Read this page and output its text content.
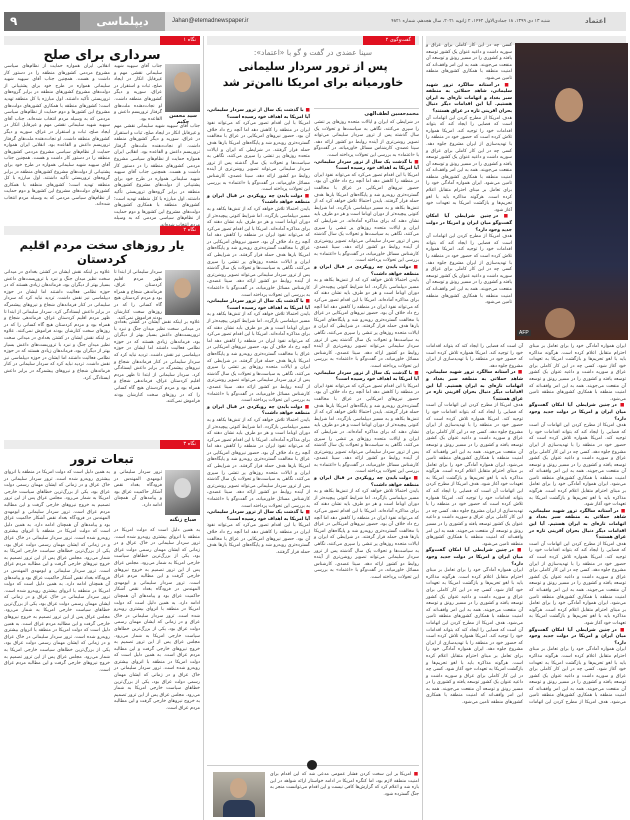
۹	دیپلماسی	Jahan@etemadnewspaper.ir	شنبه ۱۳ دی ۱۳۹۹، ۱۸ جمادی‌الاول ۱۴۴۲، ۲ ژانویه ۲۰۲۱، سال هجدهم، شماره ۴۸۲۱	اعتماد
نگاه ۱
سرداری برای صلح
سید محسن حکیم
جناب آقای سپهبد شهید سلیمانی نقشی مهم و غیرقابل انکار در ایجاد صلح، ثبات و استقرار در عراق، سوریه و دیگر کشورهای منطقه داشت. او نجات‌دهنده ملت‌های گرفتار تروریسم داعش و القاعده بود.
انقلابی ایران همواره حمایت از نظام‌های سیاسی مشروع مردمی کشورهای منطقه را در دستور کار داشت و هست. همچنین جناب آقای سپهبد شهید سلیمانی همواره در طرح خود برای پشتیبانی از دولت‌های مشروع کشورهای منطقه در برابر گروه‌های تروریستی تأکید داشتند. اول مبارزه با کل منطقه تهدید است؛ کشورهای منطقه با همکاری کشورهای دولت‌های مشروع این کشورها و دوم حمایت از نظام‌های سیاسی مردمی که به وسیله مردم انتخاب شده‌اند. جناب آقای سپهبد شهید سلیمانی نقشی مهم و غیرقابل انکار در ایجاد صلح، ثبات و استقرار در عراق، سوریه و دیگر کشورهای منطقه داشت. او نجات‌دهنده ملت‌های گرفتار تروریسم داعش و القاعده بود. انقلابی ایران همواره حمایت از نظام‌های سیاسی مشروع مردمی کشورهای منطقه را در دستور کار داشت و هست. همچنین جناب آقای سپهبد شهید سلیمانی همواره در طرح خود برای پشتیبانی از دولت‌های مشروع کشورهای منطقه در برابر گروه‌های تروریستی تأکید داشتند. اول مبارزه با کل منطقه تهدید است؛ کشورهای منطقه با همکاری کشورهای دولت‌های مشروع این کشورها و دوم حمایت از نظام‌های سیاسی مردمی که به وسیله مردم انتخاب شده‌اند.
جناب آقای سپهبد شهید سلیمانی نقشی مهم و غیرقابل انکار در ایجاد صلح، ثبات و استقرار در عراق، سوریه و دیگر کشورهای منطقه داشت. او نجات‌دهنده ملت‌های گرفتار تروریسم داعش و القاعده بود. انقلابی ایران همواره حمایت از نظام‌های سیاسی مشروع مردمی کشورهای منطقه را در دستور کار داشت و هست. همچنین جناب آقای سپهبد شهید سلیمانی همواره در طرح خود برای پشتیبانی از دولت‌های مشروع کشورهای منطقه در برابر گروه‌های تروریستی تأکید داشتند. اول مبارزه با کل منطقه تهدید است؛ کشورهای منطقه با همکاری کشورهای دولت‌های مشروع این کشورها و دوم حمایت از نظام‌های سیاسی مردمی که به وسیله
نگاه ۲
یار روزهای سخت مردم اقلیم کردستان
سردار سلیمانی از ابتدا تا ظهر مردم اقلیم کردستان عراق، فرماندهی شجاع و همراه بود و مردم کردستان هیچ گاه کسانی را که در روزهای سخت کنارشان بودند فراموش نمی‌کنند.
علاوه بر اینکه نقش ایشان در کشتن بغدادی در میدانی سخت نظیر میدان جنگ و نبرد با تروریست‌های داعش بسیار بهتر از دیگران بود، فرماندهان زیادی هستند که در حوزه نظامی فعالیت داشتند اما ایشان در حوزه دیپلماسی نیز نقش داشت. تردید نباید کرد که سردار سلیمانی در کنار فرماندهان شجاع و نیروهای پیشمرگه در برابر داعش ایستادگی کرد. سردار سلیمانی از ابتدا تا ظهر مردم اقلیم کردستان عراق، فرماندهی شجاع و همراه بود و مردم کردستان هیچ گاه کسانی را که در روزهای سخت کنارشان بودند فراموش نمی‌کنند. علاوه بر اینکه نقش ایشان در کشتن بغدادی در میدانی سخت نظیر میدان جنگ و نبرد با تروریست‌های داعش بسیار بهتر از دیگران بود، فرماندهان زیادی هستند که در حوزه نظامی فعالیت داشتند اما ایشان در حوزه دیپلماسی نیز نقش داشت. تردید نباید کرد که سردار سلیمانی در کنار فرماندهان شجاع و نیروهای پیشمرگه در برابر داعش ایستادگی کرد.
علاوه بر اینکه نقش ایشان در کشتن بغدادی در میدانی سخت نظیر میدان جنگ و نبرد با تروریست‌های داعش بسیار بهتر از دیگران بود، فرماندهان زیادی هستند که در حوزه نظامی فعالیت داشتند اما ایشان در حوزه دیپلماسی نیز نقش داشت. تردید نباید کرد که سردار سلیمانی در کنار فرماندهان شجاع و نیروهای پیشمرگه در برابر داعش ایستادگی کرد. سردار سلیمانی از ابتدا تا ظهر مردم اقلیم کردستان عراق، فرماندهی شجاع و همراه بود و مردم کردستان هیچ گاه کسانی را که در روزهای سخت کنارشان بودند فراموش نمی‌کنند.
نگاه ۳
تبعات ترور
صباح زنگنه
ترور سردار سلیمانی و ابومهدی المهندس در فرودگاه بغداد نقض آشکار حاکمیت عراق بود و پیامدهای آن همچنان ادامه دارد.
به همین دلیل است که دولت امریکا در منطقه با انزوای بیشتری روبه‌رو شده است. ترور سردار سلیمانی در خاک عراق و در زمانی که ایشان مهمان رسمی دولت عراق بود، یکی از بزرگ‌ترین خطاهای سیاست خارجی امریکا به شمار می‌رود. مجلس عراق پس از این ترور تصمیم به خروج نیروهای خارجی گرفت و این مطالبه مردم عراق است. ترور سردار سلیمانی و ابومهدی المهندس در فرودگاه بغداد نقض آشکار حاکمیت عراق بود و پیامدهای آن همچنان ادامه دارد. به همین دلیل است که دولت امریکا در منطقه با انزوای بیشتری روبه‌رو شده است. ترور سردار سلیمانی در خاک عراق و در زمانی که ایشان مهمان رسمی دولت عراق بود، یکی از بزرگ‌ترین خطاهای سیاست خارجی امریکا به شمار می‌رود. مجلس عراق پس از این ترور تصمیم به خروج نیروهای خارجی گرفت و این مطالبه مردم عراق است. ترور سردار سلیمانی و ابومهدی المهندس در فرودگاه بغداد نقض آشکار حاکمیت عراق بود و پیامدهای آن همچنان ادامه دارد. به همین دلیل است که دولت امریکا در منطقه با انزوای بیشتری روبه‌رو شده است. ترور سردار سلیمانی در خاک عراق و در زمانی که ایشان مهمان رسمی دولت عراق بود، یکی از بزرگ‌ترین خطاهای سیاست خارجی امریکا به شمار می‌رود. مجلس عراق پس از این ترور تصمیم به خروج نیروهای خارجی گرفت و این مطالبه مردم عراق است. به همین دلیل است که دولت امریکا در منطقه با انزوای بیشتری روبه‌رو شده است. ترور سردار سلیمانی در خاک عراق و در زمانی که ایشان مهمان رسمی دولت عراق بود، یکی از بزرگ‌ترین خطاهای سیاست خارجی امریکا به شمار می‌رود. مجلس عراق پس از این ترور تصمیم به خروج نیروهای خارجی گرفت و این مطالبه مردم عراق است.
به همین دلیل است که دولت امریکا در منطقه با انزوای بیشتری روبه‌رو شده است. ترور سردار سلیمانی در خاک عراق و در زمانی که ایشان مهمان رسمی دولت عراق بود، یکی از بزرگ‌ترین خطاهای سیاست خارجی امریکا به شمار می‌رود. مجلس عراق پس از این ترور تصمیم به خروج نیروهای خارجی گرفت و این مطالبه مردم عراق است. ترور سردار سلیمانی و ابومهدی المهندس در فرودگاه بغداد نقض آشکار حاکمیت عراق بود و پیامدهای آن همچنان ادامه دارد. به همین دلیل است که دولت امریکا در منطقه با انزوای بیشتری روبه‌رو شده است. ترور سردار سلیمانی در خاک عراق و در زمانی که ایشان مهمان رسمی دولت عراق بود، یکی از بزرگ‌ترین خطاهای سیاست خارجی امریکا به شمار می‌رود. مجلس عراق پس از این ترور تصمیم به خروج نیروهای خارجی گرفت و این مطالبه مردم عراق است. به همین دلیل است که دولت امریکا در منطقه با انزوای بیشتری روبه‌رو شده است. ترور سردار سلیمانی در خاک عراق و در زمانی که ایشان مهمان رسمی دولت عراق بود، یکی از بزرگ‌ترین خطاهای سیاست خارجی امریکا به شمار می‌رود. مجلس عراق پس از این ترور تصمیم به خروج نیروهای خارجی گرفت و این مطالبه مردم عراق است.
گفت‌وگوی ۲
سینا عضدی در گفت و گو با «اعتماد»:
پس از ترور سردار سلیمانی
خاورمیانه برای امریکا ناامن‌تر شد
محمدحسین لطف‌الهی
در شرایطی که ایران و ایالات متحده روزهای پر تنشی را سپری می‌کنند، نگاهی به سیاست‌ها و تحولات یک سال گذشته پس از ترور سردار سلیمانی می‌تواند تصویر روشن‌تری از آینده روابط دو کشور ارائه دهد. سینا عضدی، کارشناس مسائل خاورمیانه، در گفت‌وگو با «اعتماد» به بررسی این تحولات پرداخته است.
■ با گذشت یک سال از ترور سردار سلیمانی، آیا امریکا به اهداف خود رسیده است؟
امریکا با این اقدام تصور می‌کرد که می‌تواند نفوذ ایران در منطقه را کاهش دهد اما آنچه رخ داد خلاف آن بود. حضور نیروهای امریکایی در عراق با مخالفت گسترده‌تری روبه‌رو شد و پایگاه‌های امریکا بارها هدف حمله قرار گرفتند. بایدن احتمالا تلاش خواهد کرد که از تنش‌ها بکاهد و به مسیر دیپلماسی بازگردد. اما شرایط کنونی پیچیده‌تر از دوران اوباما است و هر دو طرف باید نشان دهند که برای مذاکره آماده‌اند. در شرایطی که ایران و ایالات متحده روزهای پر تنشی را سپری می‌کنند، نگاهی به سیاست‌ها و تحولات یک سال گذشته پس از ترور سردار سلیمانی می‌تواند تصویر روشن‌تری از آینده روابط دو کشور ارائه دهد. سینا عضدی، کارشناس مسائل خاورمیانه، در گفت‌وگو با «اعتماد» به بررسی این تحولات پرداخته است.
■ دولت بایدن چه رویکردی در قبال ایران و منطقه خواهد داشت؟
بایدن احتمالا تلاش خواهد کرد که از تنش‌ها بکاهد و به مسیر دیپلماسی بازگردد. اما شرایط کنونی پیچیده‌تر از دوران اوباما است و هر دو طرف باید نشان دهند که برای مذاکره آماده‌اند. امریکا با این اقدام تصور می‌کرد که می‌تواند نفوذ ایران در منطقه را کاهش دهد اما آنچه رخ داد خلاف آن بود. حضور نیروهای امریکایی در عراق با مخالفت گسترده‌تری روبه‌رو شد و پایگاه‌های امریکا بارها هدف حمله قرار گرفتند. در شرایطی که ایران و ایالات متحده روزهای پر تنشی را سپری می‌کنند، نگاهی به سیاست‌ها و تحولات یک سال گذشته پس از ترور سردار سلیمانی می‌تواند تصویر روشن‌تری از آینده روابط دو کشور ارائه دهد. سینا عضدی، کارشناس مسائل خاورمیانه، در گفت‌وگو با «اعتماد» به بررسی این تحولات پرداخته است.
■ با گذشت یک سال از ترور سردار سلیمانی، آیا امریکا به اهداف خود رسیده است؟
امریکا با این اقدام تصور می‌کرد که می‌تواند نفوذ ایران در منطقه را کاهش دهد اما آنچه رخ داد خلاف آن بود. حضور نیروهای امریکایی در عراق با مخالفت گسترده‌تری روبه‌رو شد و پایگاه‌های امریکا بارها هدف حمله قرار گرفتند. بایدن احتمالا تلاش خواهد کرد که از تنش‌ها بکاهد و به مسیر دیپلماسی بازگردد. اما شرایط کنونی پیچیده‌تر از دوران اوباما است و هر دو طرف باید نشان دهند که برای مذاکره آماده‌اند. در شرایطی که ایران و ایالات متحده روزهای پر تنشی را سپری می‌کنند، نگاهی به سیاست‌ها و تحولات یک سال گذشته پس از ترور سردار سلیمانی می‌تواند تصویر روشن‌تری از آینده روابط دو کشور ارائه دهد. سینا عضدی، کارشناس مسائل خاورمیانه، در گفت‌وگو با «اعتماد» به بررسی این تحولات پرداخته است.
■ دولت بایدن چه رویکردی در قبال ایران و منطقه خواهد داشت؟
بایدن احتمالا تلاش خواهد کرد که از تنش‌ها بکاهد و به مسیر دیپلماسی بازگردد. اما شرایط کنونی پیچیده‌تر از دوران اوباما است و هر دو طرف باید نشان دهند که برای مذاکره آماده‌اند. امریکا با این اقدام تصور می‌کرد که می‌تواند نفوذ ایران در منطقه را کاهش دهد اما آنچه رخ داد خلاف آن بود. حضور نیروهای امریکایی در عراق با مخالفت گسترده‌تری روبه‌رو شد و پایگاه‌های امریکا بارها هدف حمله قرار گرفتند. در شرایطی که ایران و ایالات متحده روزهای پر تنشی را سپری می‌کنند، نگاهی به سیاست‌ها و تحولات یک سال گذشته پس از ترور سردار سلیمانی می‌تواند تصویر روشن‌تری از آینده روابط دو کشور ارائه دهد. سینا عضدی، کارشناس مسائل خاورمیانه، در گفت‌وگو با «اعتماد» به بررسی این تحولات پرداخته است.
■ با گذشت یک سال از ترور سردار سلیمانی، آیا امریکا به اهداف خود رسیده است؟
امریکا با این اقدام تصور می‌کرد که می‌تواند نفوذ ایران در منطقه را کاهش دهد اما آنچه رخ داد خلاف آن بود. حضور نیروهای امریکایی در عراق با مخالفت گسترده‌تری روبه‌رو شد و پایگاه‌های امریکا بارها هدف حمله قرار گرفتند. در شرایطی که ایران و ایالات متحده روزهای پر تنشی را سپری می‌کنند، نگاهی به سیاست‌ها و تحولات یک سال گذشته پس از ترور سردار سلیمانی می‌تواند تصویر روشن‌تری از آینده روابط دو کشور ارائه دهد. سینا عضدی، کارشناس مسائل خاورمیانه، در گفت‌وگو با «اعتماد» به بررسی این تحولات پرداخته است.
■ دولت بایدن چه رویکردی در قبال ایران و منطقه خواهد داشت؟
بایدن احتمالا تلاش خواهد کرد که از تنش‌ها بکاهد و به مسیر دیپلماسی بازگردد. اما شرایط کنونی پیچیده‌تر از دوران اوباما است و هر دو طرف باید نشان دهند که برای مذاکره آماده‌اند. امریکا با این اقدام تصور می‌کرد که می‌تواند نفوذ ایران در منطقه را کاهش دهد اما آنچه رخ داد خلاف آن بود. حضور نیروهای امریکایی در عراق با مخالفت گسترده‌تری روبه‌رو شد و پایگاه‌های امریکا بارها هدف حمله قرار گرفتند. در شرایطی که ایران و ایالات متحده روزهای پر تنشی را سپری می‌کنند، نگاهی به سیاست‌ها و تحولات یک سال گذشته پس از ترور سردار سلیمانی می‌تواند تصویر روشن‌تری از آینده روابط دو کشور ارائه دهد. سینا عضدی، کارشناس مسائل خاورمیانه، در گفت‌وگو با «اعتماد» به بررسی این تحولات پرداخته است.
■ با گذشت یک سال از ترور سردار سلیمانی، آیا امریکا به اهداف خود رسیده است؟
بایدن احتمالا تلاش خواهد کرد که از تنش‌ها بکاهد و به مسیر دیپلماسی بازگردد. اما شرایط کنونی پیچیده‌تر از دوران اوباما است و هر دو طرف باید نشان دهند که برای مذاکره آماده‌اند. امریکا با این اقدام تصور می‌کرد که می‌تواند نفوذ ایران در منطقه را کاهش دهد اما آنچه رخ داد خلاف آن بود. حضور نیروهای امریکایی در عراق با مخالفت گسترده‌تری روبه‌رو شد و پایگاه‌های امریکا بارها هدف حمله قرار گرفتند. در شرایطی که ایران و ایالات متحده روزهای پر تنشی را سپری می‌کنند، نگاهی به سیاست‌ها و تحولات یک سال گذشته پس از ترور سردار سلیمانی می‌تواند تصویر روشن‌تری از آینده روابط دو کشور ارائه دهد. سینا عضدی، کارشناس مسائل خاورمیانه، در گفت‌وگو با «اعتماد» به بررسی این تحولات پرداخته است.
■ دولت بایدن چه رویکردی در قبال ایران و منطقه خواهد داشت؟
بایدن احتمالا تلاش خواهد کرد که از تنش‌ها بکاهد و به مسیر دیپلماسی بازگردد. اما شرایط کنونی پیچیده‌تر از دوران اوباما است و هر دو طرف باید نشان دهند که برای مذاکره آماده‌اند. امریکا با این اقدام تصور می‌کرد که می‌تواند نفوذ ایران در منطقه را کاهش دهد اما آنچه رخ داد خلاف آن بود. حضور نیروهای امریکایی در عراق با مخالفت گسترده‌تری روبه‌رو شد و پایگاه‌های امریکا بارها هدف حمله قرار گرفتند. در شرایطی که ایران و ایالات متحده روزهای پر تنشی را سپری می‌کنند، نگاهی به سیاست‌ها و تحولات یک سال گذشته پس از ترور سردار سلیمانی می‌تواند تصویر روشن‌تری از آینده روابط دو کشور ارائه دهد. سینا عضدی، کارشناس مسائل خاورمیانه، در گفت‌وگو با «اعتماد» به بررسی این تحولات پرداخته است.
■ با گذشت یک سال از ترور سردار سلیمانی، آیا امریکا به اهداف خود رسیده است؟
امریکا با این اقدام تصور می‌کرد که می‌تواند نفوذ ایران در منطقه را کاهش دهد اما آنچه رخ داد خلاف آن بود. حضور نیروهای امریکایی در عراق با مخالفت گسترده‌تری روبه‌رو شد و پایگاه‌های امریکا بارها هدف حمله قرار گرفتند.
■ امریکا بر این سخت کردن فشار عمومی مدعی شد که این اقدام برای امنیت منطقه لازم بود، اما کنگره امریکا در ادامه خواستار ارائه شواهد در این باره شد و اعلام کرد که گزارش‌ها کافی نیست و این اقدام می‌توانست منجر به جنگ گسترده شود.
AFP
کسی چه در این کار کاملی برای عراق و سوریه داشت و داعیه عنوان یک کشور توسعه یافته و کشوری را در مسیر رونق و توسعه آن منفعت می‌جویند. همه به این امر واقف‌اند که امنیت منطقه با همکاری کشورهای منطقه تامین می‌شود.
■ در آستانه سالگرد ترور شهید سلیمانی، شاهد حملاتی به منطقه سبز بغداد و اتهامات تازه‌ای به ایران هستیم. آیا این اقدامات دیگر دنبال بحران آفرینی تازه در عراق هستند؟
هدف امریکا از مطرح کردن این اتهامات آن است که فضایی را ایجاد کند که بتواند اقدامات خود را توجیه کند. امریکا همواره تلاش کرده است که حضور خود در منطقه را با تهدیدسازی از ایران مشروع جلوه دهد. کسی چه در این کار کاملی برای عراق و سوریه داشت و داعیه عنوان یک کشور توسعه یافته و کشوری را در مسیر رونق و توسعه آن منفعت می‌جویند. همه به این امر واقف‌اند که امنیت منطقه با همکاری کشورهای منطقه تامین می‌شود. ایران همواره آمادگی خود را برای تعامل بر مبنای احترام متقابل اعلام کرده است. هرگونه مذاکره باید با لغو تحریم‌ها و بازگشت امریکا به تعهدات خود آغاز شود.
■ در چنین شرایطی آیا امکان گفت‌وگو میان ایران و امریکا در دولت جدید وجود دارد؟
هدف امریکا از مطرح کردن این اتهامات آن است که فضایی را ایجاد کند که بتواند اقدامات خود را توجیه کند. امریکا همواره تلاش کرده است که حضور خود در منطقه را با تهدیدسازی از ایران مشروع جلوه دهد. کسی چه در این کار کاملی برای عراق و سوریه داشت و داعیه عنوان یک کشور توسعه یافته و کشوری را در مسیر رونق و توسعه آن منفعت می‌جویند. همه به این امر واقف‌اند که امنیت منطقه با همکاری کشورهای منطقه تامین می‌شود.
ایران همواره آمادگی خود را برای تعامل بر مبنای احترام متقابل اعلام کرده است. هرگونه مذاکره باید با لغو تحریم‌ها و بازگشت امریکا به تعهدات خود آغاز شود. کسی چه در این کار کاملی برای عراق و سوریه داشت و داعیه عنوان یک کشور توسعه یافته و کشوری را در مسیر رونق و توسعه آن منفعت می‌جویند. همه به این امر واقف‌اند که امنیت منطقه با همکاری کشورهای منطقه تامین می‌شود.
■ در چنین شرایطی آیا امکان گفت‌وگو میان ایران و امریکا در دولت جدید وجود دارد؟
هدف امریکا از مطرح کردن این اتهامات آن است که فضایی را ایجاد کند که بتواند اقدامات خود را توجیه کند. امریکا همواره تلاش کرده است که حضور خود در منطقه را با تهدیدسازی از ایران مشروع جلوه دهد. کسی چه در این کار کاملی برای عراق و سوریه داشت و داعیه عنوان یک کشور توسعه یافته و کشوری را در مسیر رونق و توسعه آن منفعت می‌جویند. همه به این امر واقف‌اند که امنیت منطقه با همکاری کشورهای منطقه تامین می‌شود. ایران همواره آمادگی خود را برای تعامل بر مبنای احترام متقابل اعلام کرده است. هرگونه مذاکره باید با لغو تحریم‌ها و بازگشت امریکا به تعهدات خود آغاز شود.
■ در آستانه سالگرد ترور شهید سلیمانی، شاهد حملاتی به منطقه سبز بغداد و اتهامات تازه‌ای به ایران هستیم. آیا این اقدامات دیگر دنبال بحران آفرینی تازه در عراق هستند؟
هدف امریکا از مطرح کردن این اتهامات آن است که فضایی را ایجاد کند که بتواند اقدامات خود را توجیه کند. امریکا همواره تلاش کرده است که حضور خود در منطقه را با تهدیدسازی از ایران مشروع جلوه دهد. کسی چه در این کار کاملی برای عراق و سوریه داشت و داعیه عنوان یک کشور توسعه یافته و کشوری را در مسیر رونق و توسعه آن منفعت می‌جویند. همه به این امر واقف‌اند که امنیت منطقه با همکاری کشورهای منطقه تامین می‌شود. ایران همواره آمادگی خود را برای تعامل بر مبنای احترام متقابل اعلام کرده است. هرگونه مذاکره باید با لغو تحریم‌ها و بازگشت امریکا به تعهدات خود آغاز شود.
■ در چنین شرایطی آیا امکان گفت‌وگو میان ایران و امریکا در دولت جدید وجود دارد؟
ایران همواره آمادگی خود را برای تعامل بر مبنای احترام متقابل اعلام کرده است. هرگونه مذاکره باید با لغو تحریم‌ها و بازگشت امریکا به تعهدات خود آغاز شود. کسی چه در این کار کاملی برای عراق و سوریه داشت و داعیه عنوان یک کشور توسعه یافته و کشوری را در مسیر رونق و توسعه آن منفعت می‌جویند. همه به این امر واقف‌اند که امنیت منطقه با همکاری کشورهای منطقه تامین می‌شود. هدف امریکا از مطرح کردن این اتهامات آن است که فضایی را ایجاد کند که بتواند اقدامات خود را توجیه کند. امریکا همواره تلاش کرده است که حضور خود در منطقه را با تهدیدسازی از ایران مشروع جلوه دهد.
■ در آستانه سالگرد ترور شهید سلیمانی، شاهد حملاتی به منطقه سبز بغداد و اتهامات تازه‌ای به ایران هستیم. آیا این اقدامات دیگر دنبال بحران آفرینی تازه در عراق هستند؟
هدف امریکا از مطرح کردن این اتهامات آن است که فضایی را ایجاد کند که بتواند اقدامات خود را توجیه کند. امریکا همواره تلاش کرده است که حضور خود در منطقه را با تهدیدسازی از ایران مشروع جلوه دهد. کسی چه در این کار کاملی برای عراق و سوریه داشت و داعیه عنوان یک کشور توسعه یافته و کشوری را در مسیر رونق و توسعه آن منفعت می‌جویند. همه به این امر واقف‌اند که امنیت منطقه با همکاری کشورهای منطقه تامین می‌شود. ایران همواره آمادگی خود را برای تعامل بر مبنای احترام متقابل اعلام کرده است. هرگونه مذاکره باید با لغو تحریم‌ها و بازگشت امریکا به تعهدات خود آغاز شود. هدف امریکا از مطرح کردن این اتهامات آن است که فضایی را ایجاد کند که بتواند اقدامات خود را توجیه کند. امریکا همواره تلاش کرده است که حضور خود در منطقه را با تهدیدسازی از ایران مشروع جلوه دهد. کسی چه در این کار کاملی برای عراق و سوریه داشت و داعیه عنوان یک کشور توسعه یافته و کشوری را در مسیر رونق و توسعه آن منفعت می‌جویند. همه به این امر واقف‌اند که امنیت منطقه با همکاری کشورهای منطقه تامین می‌شود.
■ در چنین شرایطی آیا امکان گفت‌وگو میان ایران و امریکا در دولت جدید وجود دارد؟
ایران همواره آمادگی خود را برای تعامل بر مبنای احترام متقابل اعلام کرده است. هرگونه مذاکره باید با لغو تحریم‌ها و بازگشت امریکا به تعهدات خود آغاز شود. کسی چه در این کار کاملی برای عراق و سوریه داشت و داعیه عنوان یک کشور توسعه یافته و کشوری را در مسیر رونق و توسعه آن منفعت می‌جویند. همه به این امر واقف‌اند که امنیت منطقه با همکاری کشورهای منطقه تامین می‌شود. هدف امریکا از مطرح کردن این اتهامات آن است که فضایی را ایجاد کند که بتواند اقدامات خود را توجیه کند. امریکا همواره تلاش کرده است که حضور خود در منطقه را با تهدیدسازی از ایران مشروع جلوه دهد. ایران همواره آمادگی خود را برای تعامل بر مبنای احترام متقابل اعلام کرده است. هرگونه مذاکره باید با لغو تحریم‌ها و بازگشت امریکا به تعهدات خود آغاز شود. کسی چه در این کار کاملی برای عراق و سوریه داشت و داعیه عنوان یک کشور توسعه یافته و کشوری را در مسیر رونق و توسعه آن منفعت می‌جویند. همه به این امر واقف‌اند که امنیت منطقه با همکاری کشورهای منطقه تامین می‌شود.
